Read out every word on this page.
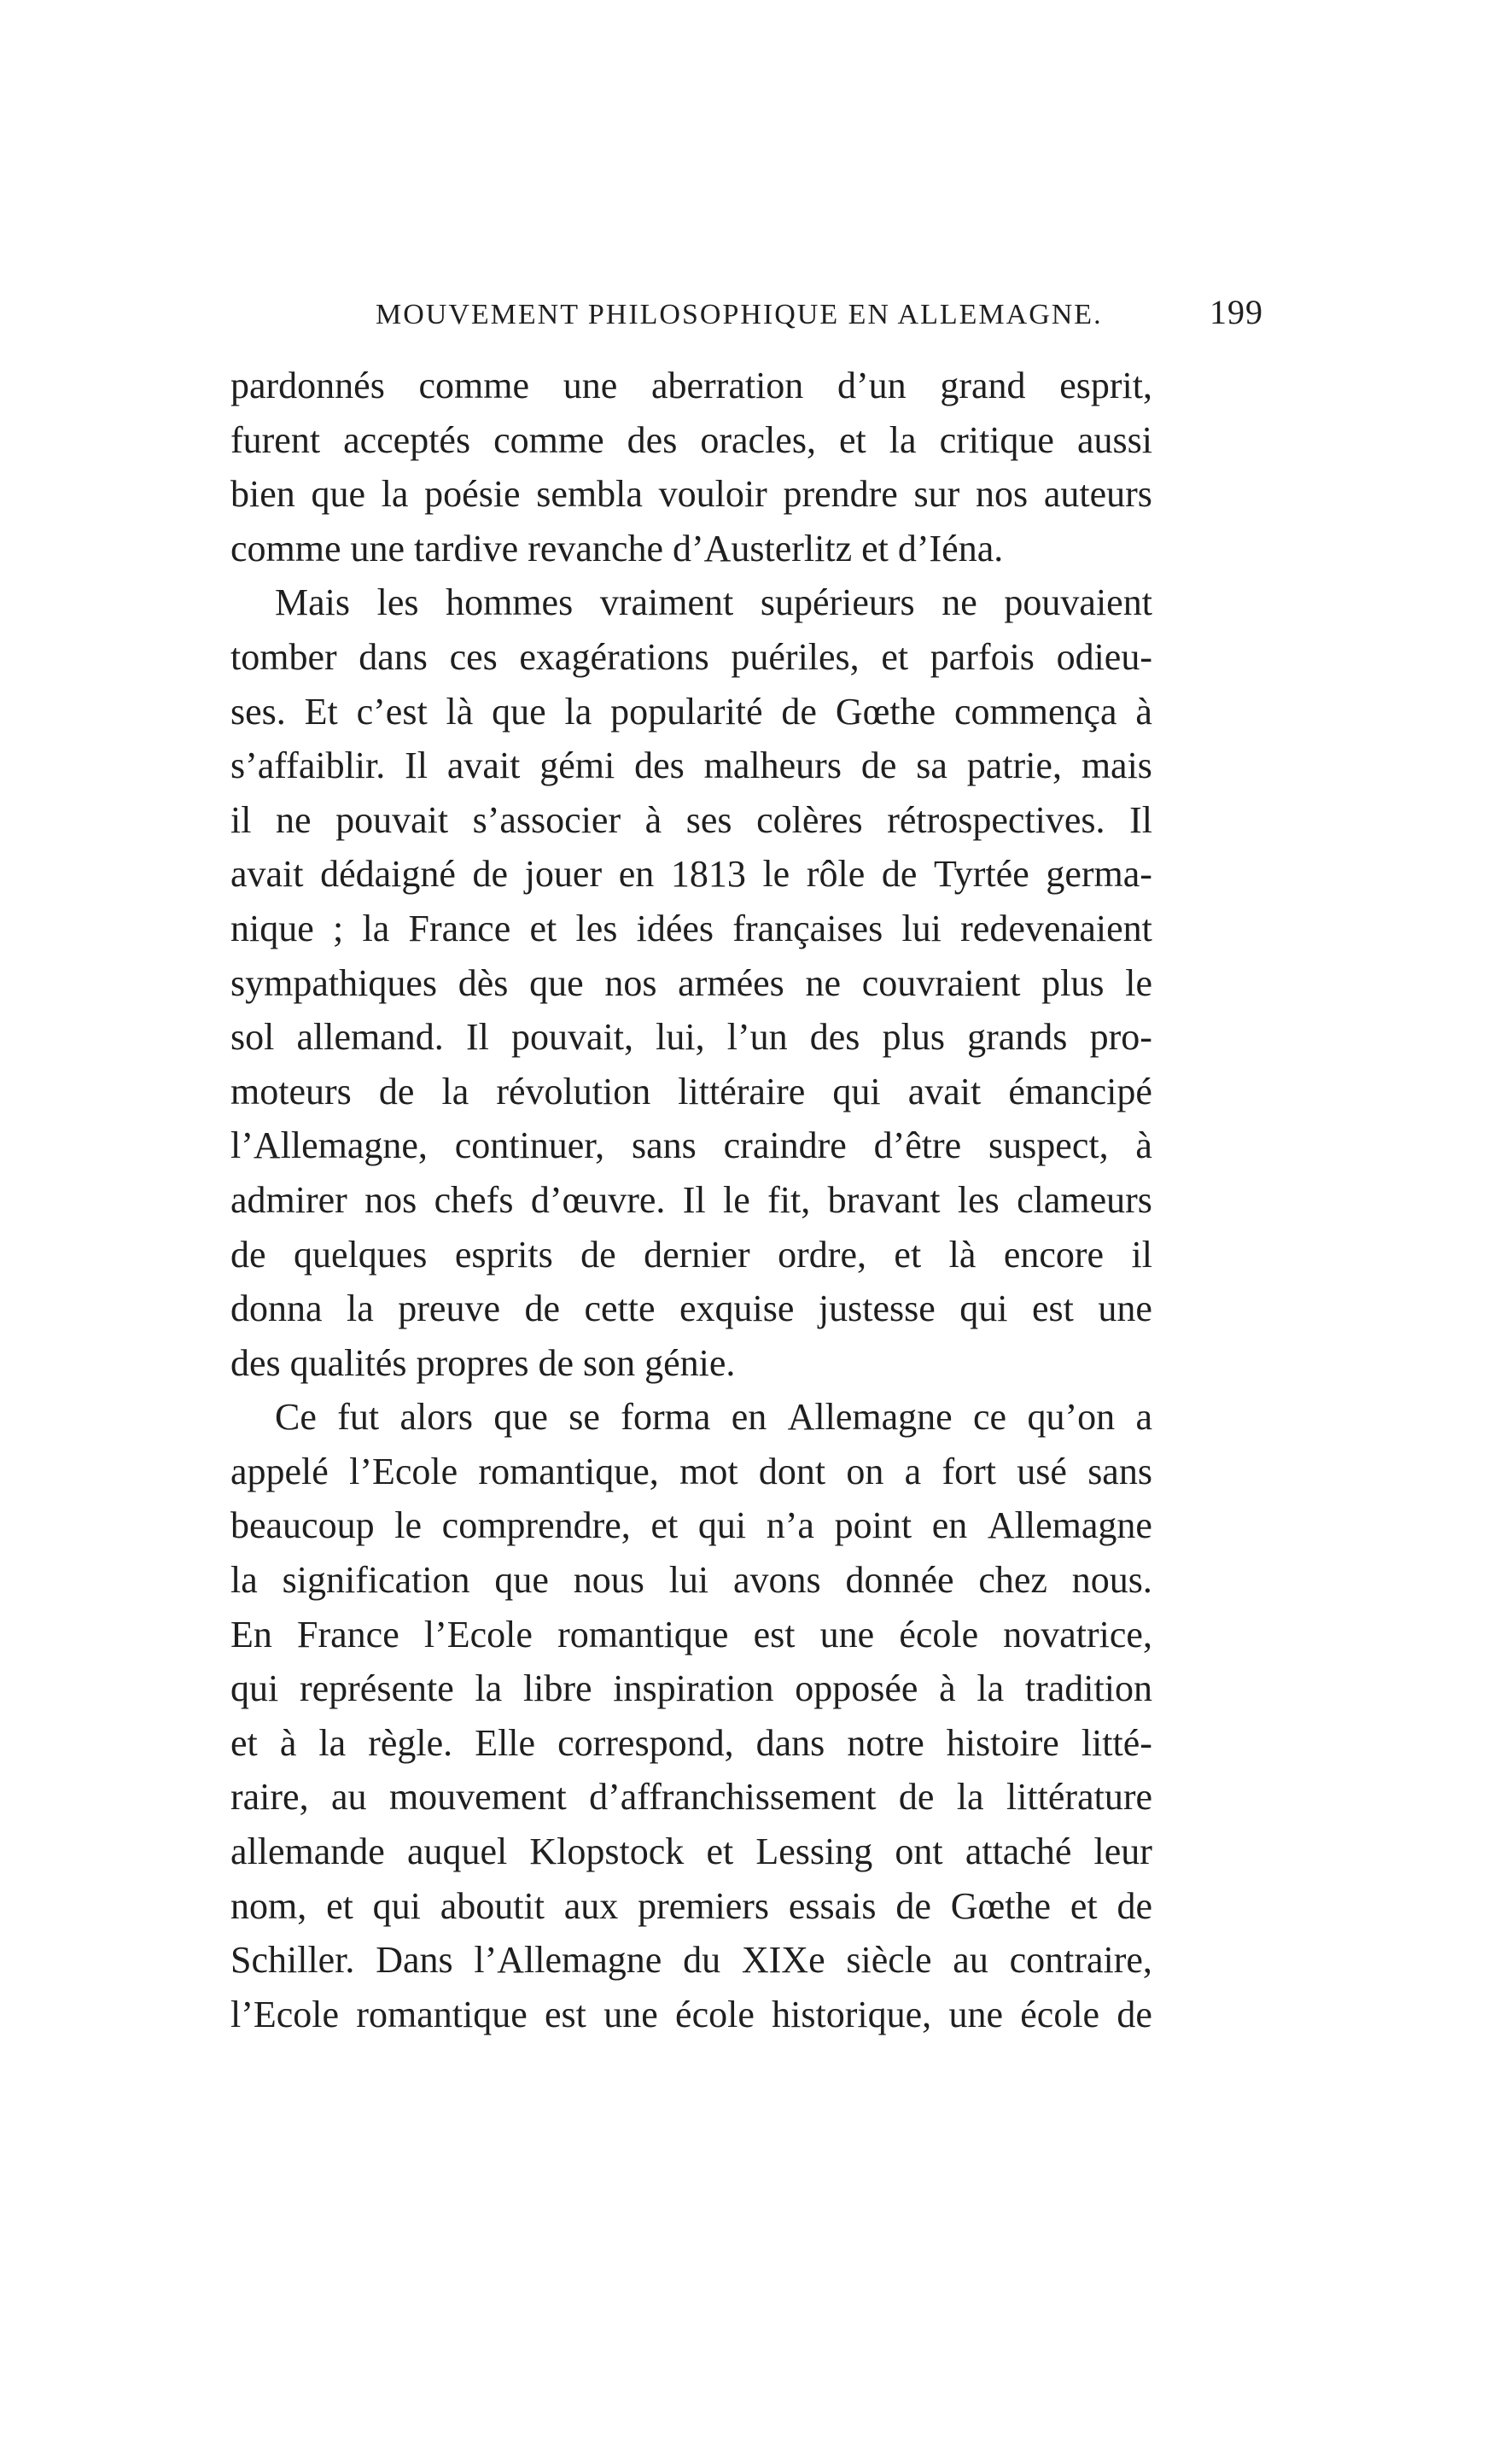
MOUVEMENT PHILOSOPHIQUE EN ALLEMAGNE.	199
pardonnés comme une aberration d’un grand esprit,
furent acceptés comme des oracles, et la critique aussi
bien que la poésie sembla vouloir prendre sur nos auteurs
comme une tardive revanche d’Austerlitz et d’Iéna.
Mais les hommes vraiment supérieurs ne pouvaient
tomber dans ces exagérations puériles, et parfois odieu-
ses. Et c’est là que la popularité de Gœthe commença à
s’affaiblir. Il avait gémi des malheurs de sa patrie, mais
il ne pouvait s’associer à ses colères rétrospectives. Il
avait dédaigné de jouer en 1813 le rôle de Tyrtée germa-
nique ; la France et les idées françaises lui redevenaient
sympathiques dès que nos armées ne couvraient plus le
sol allemand. Il pouvait, lui, l’un des plus grands pro-
moteurs de la révolution littéraire qui avait émancipé
l’Allemagne, continuer, sans craindre d’être suspect, à
admirer nos chefs d’œuvre. Il le fit, bravant les clameurs
de quelques esprits de dernier ordre, et là encore il
donna la preuve de cette exquise justesse qui est une
des qualités propres de son génie.
Ce fut alors que se forma en Allemagne ce qu’on a
appelé l’Ecole romantique, mot dont on a fort usé sans
beaucoup le comprendre, et qui n’a point en Allemagne
la signification que nous lui avons donnée chez nous.
En France l’Ecole romantique est une école novatrice,
qui représente la libre inspiration opposée à la tradition
et à la règle. Elle correspond, dans notre histoire litté-
raire, au mouvement d’affranchissement de la littérature
allemande auquel Klopstock et Lessing ont attaché leur
nom, et qui aboutit aux premiers essais de Gœthe et de
Schiller. Dans l’Allemagne du XIXe siècle au contraire,
l’Ecole romantique est une école historique, une école de
